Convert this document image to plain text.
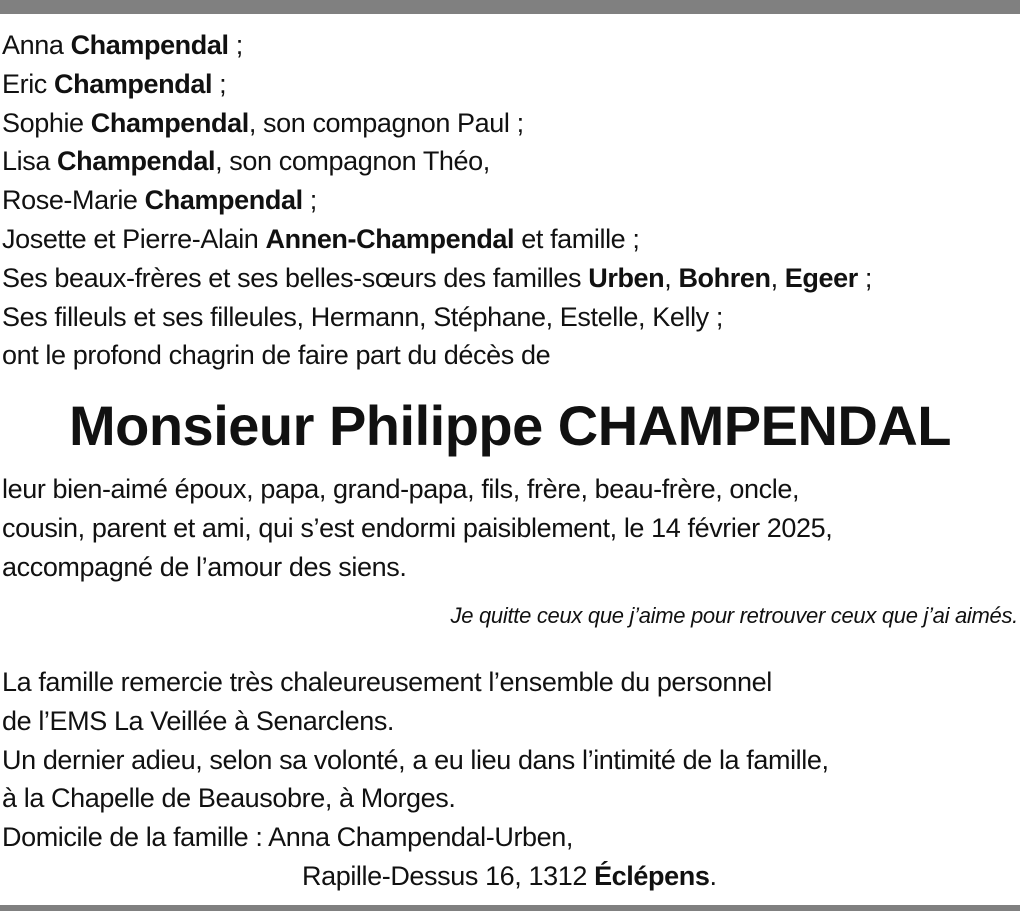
Anna Champendal ;
Eric Champendal ;
Sophie Champendal, son compagnon Paul ;
Lisa Champendal, son compagnon Théo,
Rose-Marie Champendal ;
Josette et Pierre-Alain Annen-Champendal et famille ;
Ses beaux-frères et ses belles-sœurs des familles Urben, Bohren, Egeer ;
Ses filleuls et ses filleules, Hermann, Stéphane, Estelle, Kelly ;
ont le profond chagrin de faire part du décès de
Monsieur Philippe CHAMPENDAL
leur bien-aimé époux, papa, grand-papa, fils, frère, beau-frère, oncle,
cousin, parent et ami, qui s’est endormi paisiblement, le 14 février 2025,
accompagné de l’amour des siens.
Je quitte ceux que j’aime pour retrouver ceux que j’ai aimés.
La famille remercie très chaleureusement l’ensemble du personnel
de l’EMS La Veillée à Senarclens.
Un dernier adieu, selon sa volonté, a eu lieu dans l’intimité de la famille,
à la Chapelle de Beausobre, à Morges.
Domicile de la famille : Anna Champendal-Urben,
Rapille-Dessus 16, 1312 Éclépens.
